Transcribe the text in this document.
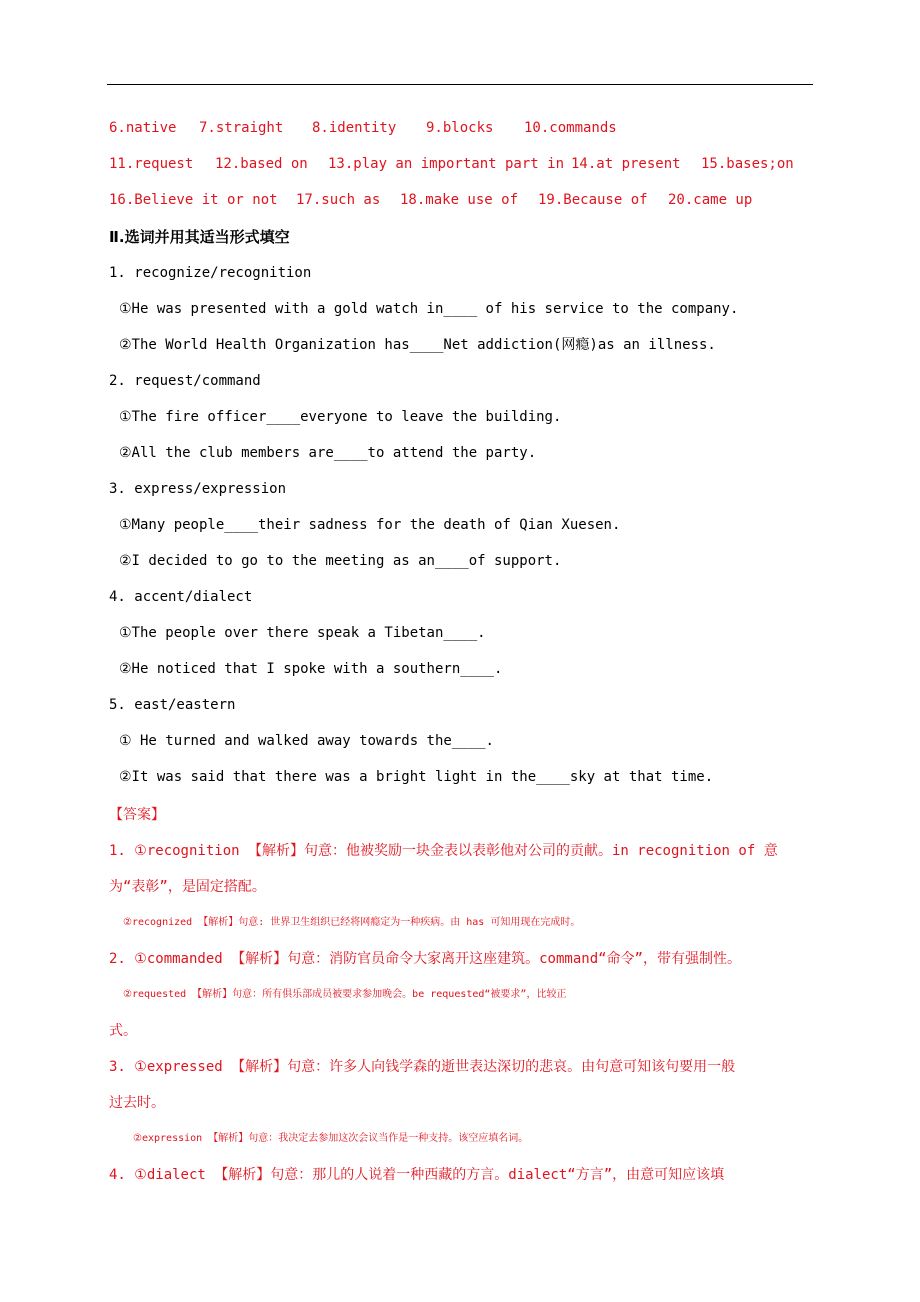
6.native	7.straight	8.identity	9.blocks	10.commands
11.request	12.based on	13.play an important part in 14.at present	15.bases;on
16.Believe it or not	17.such as	18.make use of	19.Because of	20.came up
Ⅱ.选词并用其适当形式填空
1. recognize/recognition
①He was presented with a gold watch in____ of his service to the company.
②The World Health Organization has____Net addiction(网瘾)as an illness.
2. request/command
①The fire officer____everyone to leave the building.
②All the club members are____to attend the party.
3. express/expression
①Many people____their sadness for the death of Qian Xuesen.
②I decided to go to the meeting as an____of support.
4. accent/dialect
①The people over there speak a Tibetan____.
②He noticed that I spoke with a southern____.
5. east/eastern
① He turned and walked away towards the____.
②It was said that there was a bright light in the____sky at that time.
【答案】
1. ①recognition 【解析】句意：他被奖励一块金表以表彰他对公司的贡献。in recognition of 意
为“表彰”，是固定搭配。
②recognized 【解析】句意: 世界卫生组织已经将网瘾定为一种疾病。由 has 可知用现在完成时。
2. ①commanded 【解析】句意：消防官员命令大家离开这座建筑。command“命令”，带有强制性。
②requested 【解析】句意：所有俱乐部成员被要求参加晚会。be requested“被要求”，比较正
式。
3. ①expressed 【解析】句意：许多人向钱学森的逝世表达深切的悲哀。由句意可知该句要用一般
过去时。
②expression 【解析】句意：我决定去参加这次会议当作是一种支持。该空应填名词。
4. ①dialect 【解析】句意：那儿的人说着一种西藏的方言。dialect“方言”，由意可知应该填
